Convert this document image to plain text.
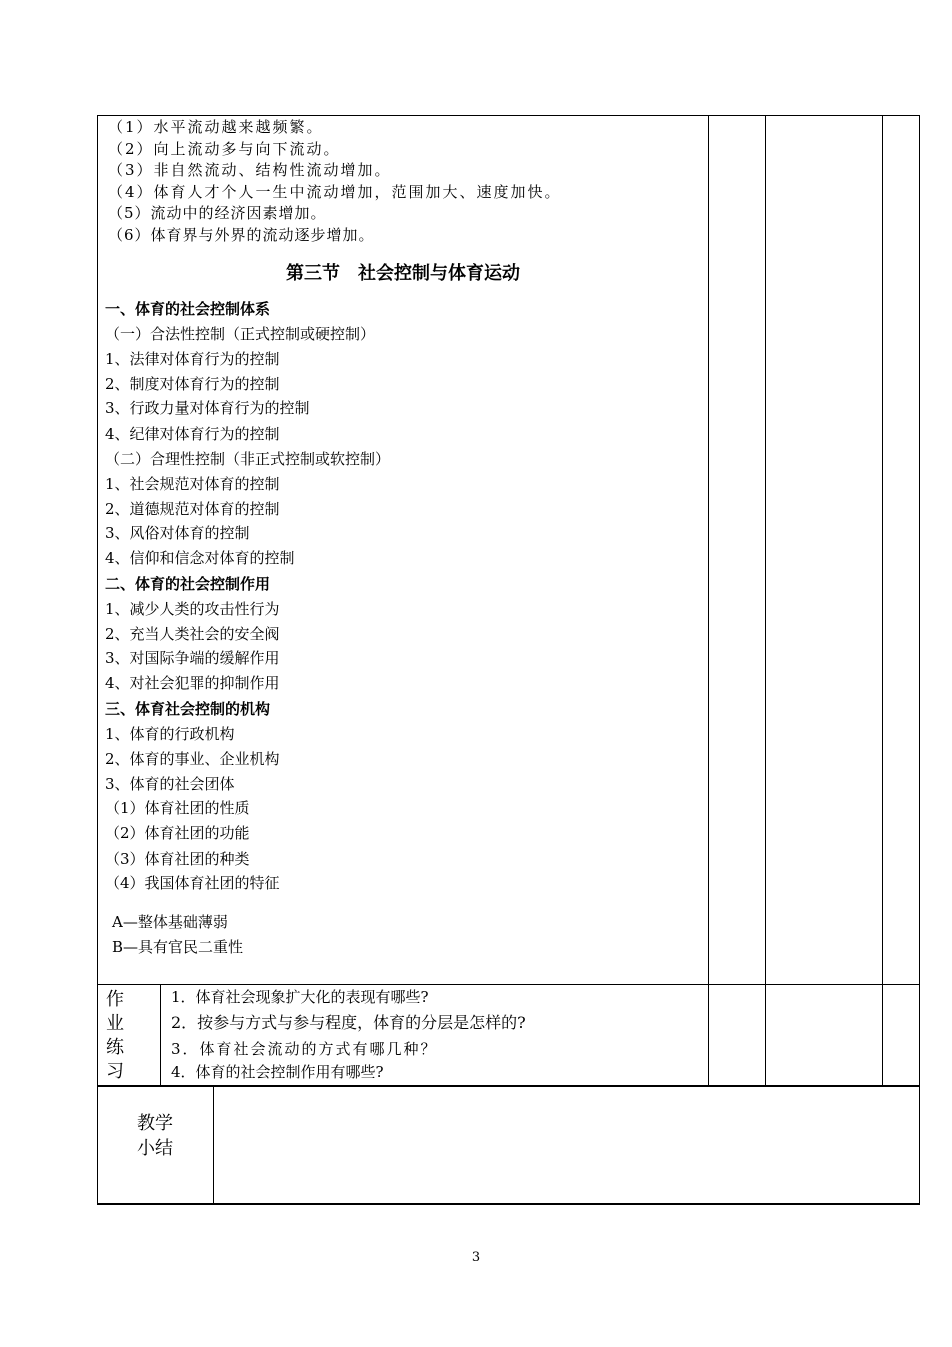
（1）水平流动越来越频繁。
（2）向上流动多与向下流动。
（3）非自然流动、结构性流动增加。
（4）体育人才个人一生中流动增加，范围加大、速度加快。
（5）流动中的经济因素增加。
（6）体育界与外界的流动逐步增加。
第三节　社会控制与体育运动
一、体育的社会控制体系
（一）合法性控制（正式控制或硬控制）
1、法律对体育行为的控制
2、制度对体育行为的控制
3、行政力量对体育行为的控制
4、纪律对体育行为的控制
（二）合理性控制（非正式控制或软控制）
1、社会规范对体育的控制
2、道德规范对体育的控制
3、风俗对体育的控制
4、信仰和信念对体育的控制
二、体育的社会控制作用
1、减少人类的攻击性行为
2、充当人类社会的安全阀
3、对国际争端的缓解作用
4、对社会犯罪的抑制作用
三、体育社会控制的机构
1、体育的行政机构
2、体育的事业、企业机构
3、体育的社会团体
（1）体育社团的性质
（2）体育社团的功能
（3）体育社团的种类
（4）我国体育社团的特征
A—整体基础薄弱
B—具有官民二重性
作
业
练
习
1．体育社会现象扩大化的表现有哪些?
2．按参与方式与参与程度，体育的分层是怎样的?
3．体育社会流动的方式有哪几种？
4．体育的社会控制作用有哪些?
教学
小结
3
